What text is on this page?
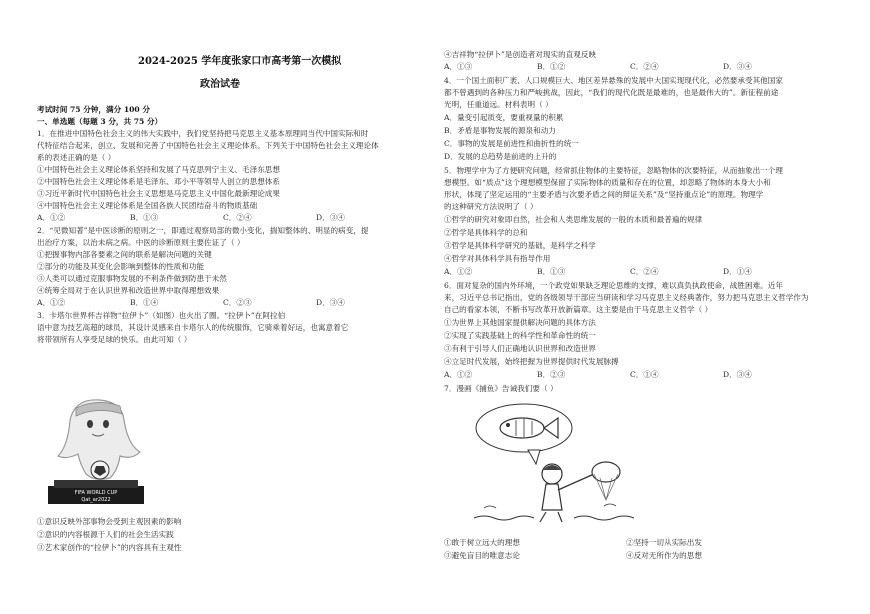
2024-2025 学年度张家口市高考第一次模拟
政治试卷
考试时间 75 分钟，满分 100 分
一、单选题（每题 3 分，共 75 分）
1．在推进中国特色社会主义的伟大实践中，我们党坚持把马克思主义基本原理同当代中国实际和时
代特征结合起来，创立、发展和完善了中国特色社会主义理论体系。下列关于中国特色社会主义理论体
系的表述正确的是（ ）
①中国特色社会主义理论体系坚持和发展了马克思列宁主义、毛泽东思想
②中国特色社会主义理论体系是毛泽东、邓小平等领导人创立的思想体系
③习近平新时代中国特色社会主义思想是马克思主义中国化最新理论成果
④中国特色社会主义理论体系是全国各族人民团结奋斗的物质基础
A．①②	B．①③	C．②④	D．③④
2．“见微知著”是中医诊断的原则之一，即通过观察局部的微小变化，揣知整体的、明显的病变，提
出治疗方案，以治未病之病。中医的诊断原则主要佐证了（ ）
①把握事物内部各要素之间的联系是解决问题的关键
②部分的功能及其变化会影响到整体的性质和功能
③人类可以通过克服事物发展的不利条件做到防患于未然
④统筹全局对于在认识世界和改造世界中取得理想效果
A．①②	B．①④	C．②③	D．③④
3．卡塔尔世界杯吉祥物“拉伊卜”（如图）也火出了圈。“拉伊卜”在阿拉伯
语中意为技艺高超的球员，其设计灵感来自卡塔尔人的传统服饰，它骑乘着好运，也寓意着它
将带领所有人享受足球的快乐。由此可知（ ）
FIFA WORLD CUP
Qat_ar2022
①意识反映外部事物会受到主观因素的影响
②意识的内容根源于人们的社会生活实践
③艺术家创作的“拉伊卜”的内容具有主观性
④吉祥物“拉伊卜”是创造者对现实的直观反映
A．①③	B．①②	C．②④	D．③④
4．一个国土面积广袤、人口规模巨大、地区差异悬殊的发展中大国实现现代化，必然要承受其他国家
都不曾遇到的各种压力和严峻挑战，因此，“我们的现代化既是最难的，也是最伟大的”。新征程前途
光明，任重道远。材料表明（ ）
A．量变引起质变，要重视量的积累
B．矛盾是事物发展的源泉和动力
C．事物的发展是前进性和曲折性的统一
D．发展的总趋势是前进的上升的
5．物理学中为了方便研究问题，经常抓住物体的主要特征，忽略物体的次要特征，从而抽象出一个理
想模型。如“质点”这个理想模型保留了实际物体的质量和存在的位置，却忽略了物体的本身大小和
形状，体现了坚定运用的“主要矛盾与次要矛盾之间的辩证关系”及“坚持重点论”的原理。物理学
的这种研究方法说明了（ ）
①哲学的研究对象即自然，社会和人类思维发展的一般的本质和最普遍的规律
②哲学是具体科学的总和
③哲学是具体科学研究的基础，是科学之科学
④哲学对具体科学具有指导作用
A．①②	B．①③	C．②④	D．①④
6．面对复杂的国内外环境，一个政党如果缺乏理论思维的支撑，难以真负执政使命，战胜困难。近年
来，习近平总书记指出，党的各级领导干部应当研读和学习马克思主义经典著作，努力把马克思主义哲学作为
自己的看家本领，不断书写改革开放新篇章。这主要是由于马克思主义哲学（ ）
①为世界上其他国家提供解决问题的具体方法
②实现了实践基础上的科学性和革命性的统一
③有利于引导人们正确地认识世界和改造世界
④立足时代发展，始终把握为世界提供时代发展脉搏
A．①②	B．②③	C．①④	D．③④
7．漫画《捕鱼》告诫我们要（ ）
①敢于树立远大的理想	②坚持一切从实际出发
③避免盲目的唯意志论	④反对无所作为的思想
